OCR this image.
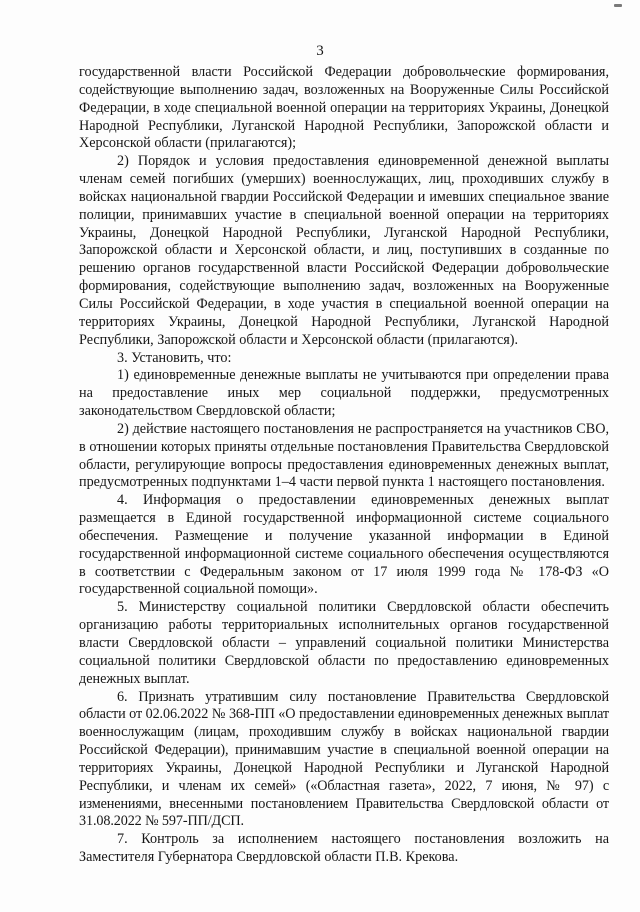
3

государственной власти Российской Федерации добровольческие формирования, содействующие выполнению задач, возложенных на Вооруженные Силы Российской Федерации, в ходе специальной военной операции на территориях Украины, Донецкой Народной Республики, Луганской Народной Республики, Запорожской области и Херсонской области (прилагаются);

2) Порядок и условия предоставления единовременной денежной выплаты членам семей погибших (умерших) военнослужащих, лиц, проходивших службу в войсках национальной гвардии Российской Федерации и имевших специальное звание полиции, принимавших участие в специальной военной операции на территориях Украины, Донецкой Народной Республики, Луганской Народной Республики, Запорожской области и Херсонской области, и лиц, поступивших в созданные по решению органов государственной власти Российской Федерации добровольческие формирования, содействующие выполнению задач, возложенных на Вооруженные Силы Российской Федерации, в ходе участия в специальной военной операции на территориях Украины, Донецкой Народной Республики, Луганской Народной Республики, Запорожской области и Херсонской области (прилагаются).

3. Установить, что:

1) единовременные денежные выплаты не учитываются при определении права на предоставление иных мер социальной поддержки, предусмотренных законодательством Свердловской области;

2) действие настоящего постановления не распространяется на участников СВО, в отношении которых приняты отдельные постановления Правительства Свердловской области, регулирующие вопросы предоставления единовременных денежных выплат, предусмотренных подпунктами 1–4 части первой пункта 1 настоящего постановления.

4. Информация о предоставлении единовременных денежных выплат размещается в Единой государственной информационной системе социального обеспечения. Размещение и получение указанной информации в Единой государственной информационной системе социального обеспечения осуществляются в соответствии с Федеральным законом от 17 июля 1999 года № 178-ФЗ «О государственной социальной помощи».

5. Министерству социальной политики Свердловской области обеспечить организацию работы территориальных исполнительных органов государственной власти Свердловской области – управлений социальной политики Министерства социальной политики Свердловской области по предоставлению единовременных денежных выплат.

6. Признать утратившим силу постановление Правительства Свердловской области от 02.06.2022 № 368-ПП «О предоставлении единовременных денежных выплат военнослужащим (лицам, проходившим службу в войсках национальной гвардии Российской Федерации), принимавшим участие в специальной военной операции на территориях Украины, Донецкой Народной Республики и Луганской Народной Республики, и членам их семей» («Областная газета», 2022, 7 июня, № 97) с изменениями, внесенными постановлением Правительства Свердловской области от 31.08.2022 № 597-ПП/ДСП.

7. Контроль за исполнением настоящего постановления возложить на Заместителя Губернатора Свердловской области П.В. Крекова.
